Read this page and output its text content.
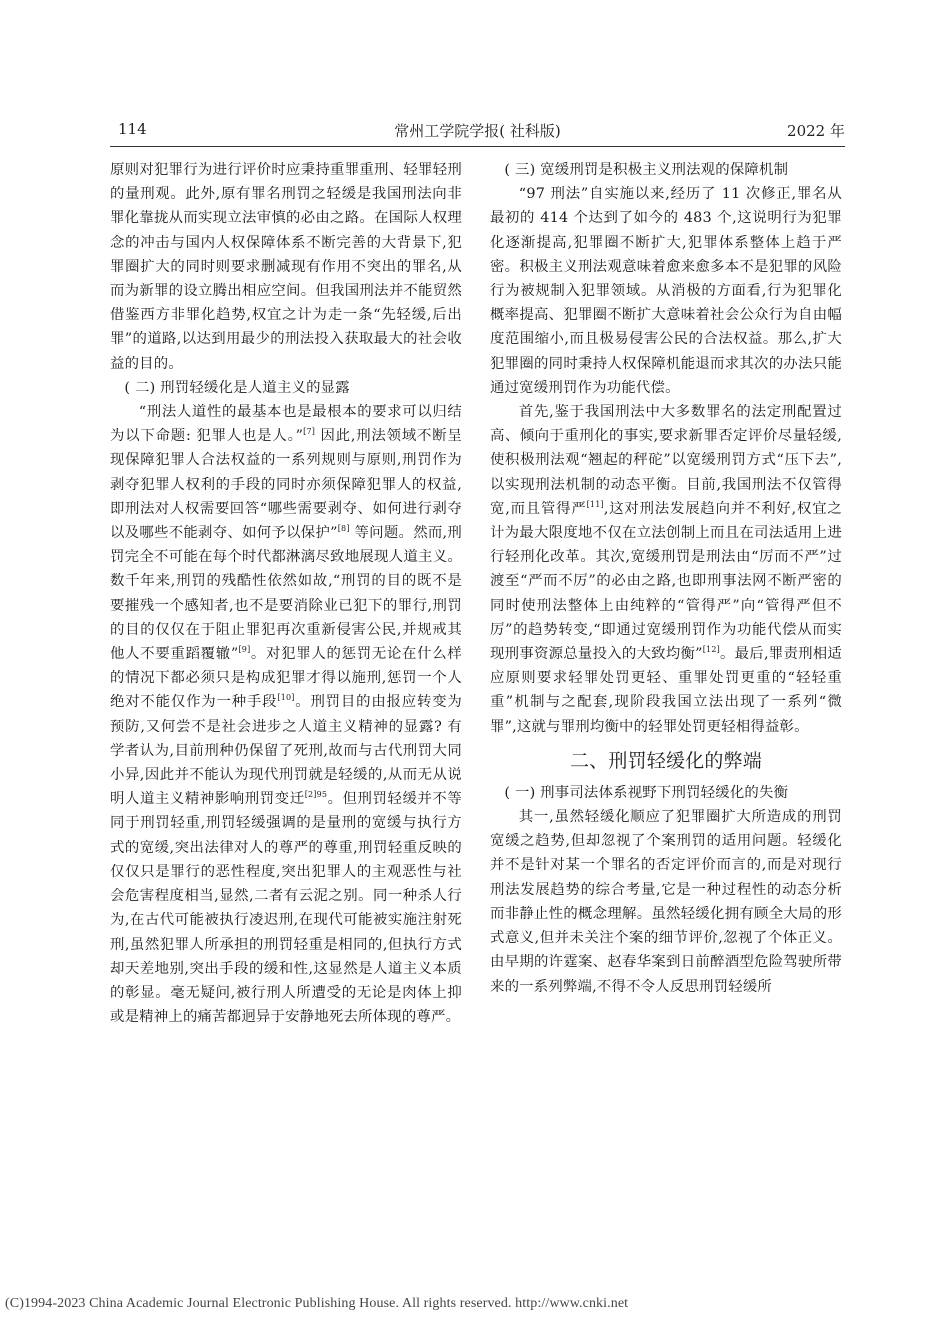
114	常州工学院学报( 社科版)	2022 年

原则对犯罪行为进行评价时应秉持重罪重刑、轻罪轻刑的量刑观。此外,原有罪名刑罚之轻缓是我国刑法向非罪化靠拢从而实现立法审慎的必由之路。在国际人权理念的冲击与国内人权保障体系不断完善的大背景下,犯罪圈扩大的同时则要求删减现有作用不突出的罪名,从而为新罪的设立腾出相应空间。但我国刑法并不能贸然借鉴西方非罪化趋势,权宜之计为走一条“先轻缓,后出罪”的道路,以达到用最少的刑法投入获取最大的社会收益的目的。

( 二) 刑罚轻缓化是人道主义的显露

“刑法人道性的最基本也是最根本的要求可以归结为以下命题: 犯罪人也是人。”[7] 因此,刑法领域不断呈现保障犯罪人合法权益的一系列规则与原则,刑罚作为剥夺犯罪人权利的手段的同时亦须保障犯罪人的权益,即刑法对人权需要回答“哪些需要剥夺、如何进行剥夺以及哪些不能剥夺、如何予以保护”[8] 等问题。然而,刑罚完全不可能在每个时代都淋漓尽致地展现人道主义。数千年来,刑罚的残酷性依然如故,“刑罚的目的既不是要摧残一个感知者,也不是要消除业已犯下的罪行,刑罚的目的仅仅在于阻止罪犯再次重新侵害公民,并规戒其他人不要重蹈覆辙”[9]。对犯罪人的惩罚无论在什么样的情况下都必须只是构成犯罪才得以施刑,惩罚一个人绝对不能仅作为一种手段[10]。刑罚目的由报应转变为预防,又何尝不是社会进步之人道主义精神的显露? 有学者认为,目前刑种仍保留了死刑,故而与古代刑罚大同小异,因此并不能认为现代刑罚就是轻缓的,从而无从说明人道主义精神影响刑罚变迁$^{[2]95}$。但刑罚轻缓并不等同于刑罚轻重,刑罚轻缓强调的是量刑的宽缓与执行方式的宽缓,突出法律对人的尊严的尊重,刑罚轻重反映的仅仅只是罪行的恶性程度,突出犯罪人的主观恶性与社会危害程度相当,显然,二者有云泥之别。同一种杀人行为,在古代可能被执行凌迟刑,在现代可能被实施注射死刑,虽然犯罪人所承担的刑罚轻重是相同的,但执行方式却天差地别,突出手段的缓和性,这显然是人道主义本质的彰显。毫无疑问,被行刑人所遭受的无论是肉体上抑或是精神上的痛苦都迥异于安静地死去所体现的尊严。

( 三) 宽缓刑罚是积极主义刑法观的保障机制

“97 刑法”自实施以来,经历了 11 次修正,罪名从最初的 414 个达到了如今的 483 个,这说明行为犯罪化逐渐提高,犯罪圈不断扩大,犯罪体系整体上趋于严密。积极主义刑法观意味着愈来愈多本不是犯罪的风险行为被规制入犯罪领域。从消极的方面看,行为犯罪化概率提高、犯罪圈不断扩大意味着社会公众行为自由幅度范围缩小,而且极易侵害公民的合法权益。那么,扩大犯罪圈的同时秉持人权保障机能退而求其次的办法只能通过宽缓刑罚作为功能代偿。

首先,鉴于我国刑法中大多数罪名的法定刑配置过高、倾向于重刑化的事实,要求新罪否定评价尽量轻缓,使积极刑法观“翘起的秤砣”以宽缓刑罚方式“压下去”,以实现刑法机制的动态平衡。目前,我国刑法不仅管得宽,而且管得严[11],这对刑法发展趋向并不利好,权宜之计为最大限度地不仅在立法创制上而且在司法适用上进行轻刑化改革。其次,宽缓刑罚是刑法由“厉而不严”过渡至“严而不厉”的必由之路,也即刑事法网不断严密的同时使刑法整体上由纯粹的“管得严”向“管得严但不厉”的趋势转变,“即通过宽缓刑罚作为功能代偿从而实现刑事资源总量投入的大致均衡”[12]。最后,罪责刑相适应原则要求轻罪处罚更轻、重罪处罚更重的“轻轻重重”机制与之配套,现阶段我国立法出现了一系列“微罪”,这就与罪刑均衡中的轻罪处罚更轻相得益彰。

二、刑罚轻缓化的弊端

( 一) 刑事司法体系视野下刑罚轻缓化的失衡

其一,虽然轻缓化顺应了犯罪圈扩大所造成的刑罚宽缓之趋势,但却忽视了个案刑罚的适用问题。轻缓化并不是针对某一个罪名的否定评价而言的,而是对现行刑法发展趋势的综合考量,它是一种过程性的动态分析而非静止性的概念理解。虽然轻缓化拥有顾全大局的形式意义,但并未关注个案的细节评价,忽视了个体正义。由早期的许霆案、赵春华案到日前醉酒型危险驾驶所带来的一系列弊端,不得不令人反思刑罚轻缓所

(C)1994-2023 China Academic Journal Electronic Publishing House. All rights reserved. http://www.cnki.net
